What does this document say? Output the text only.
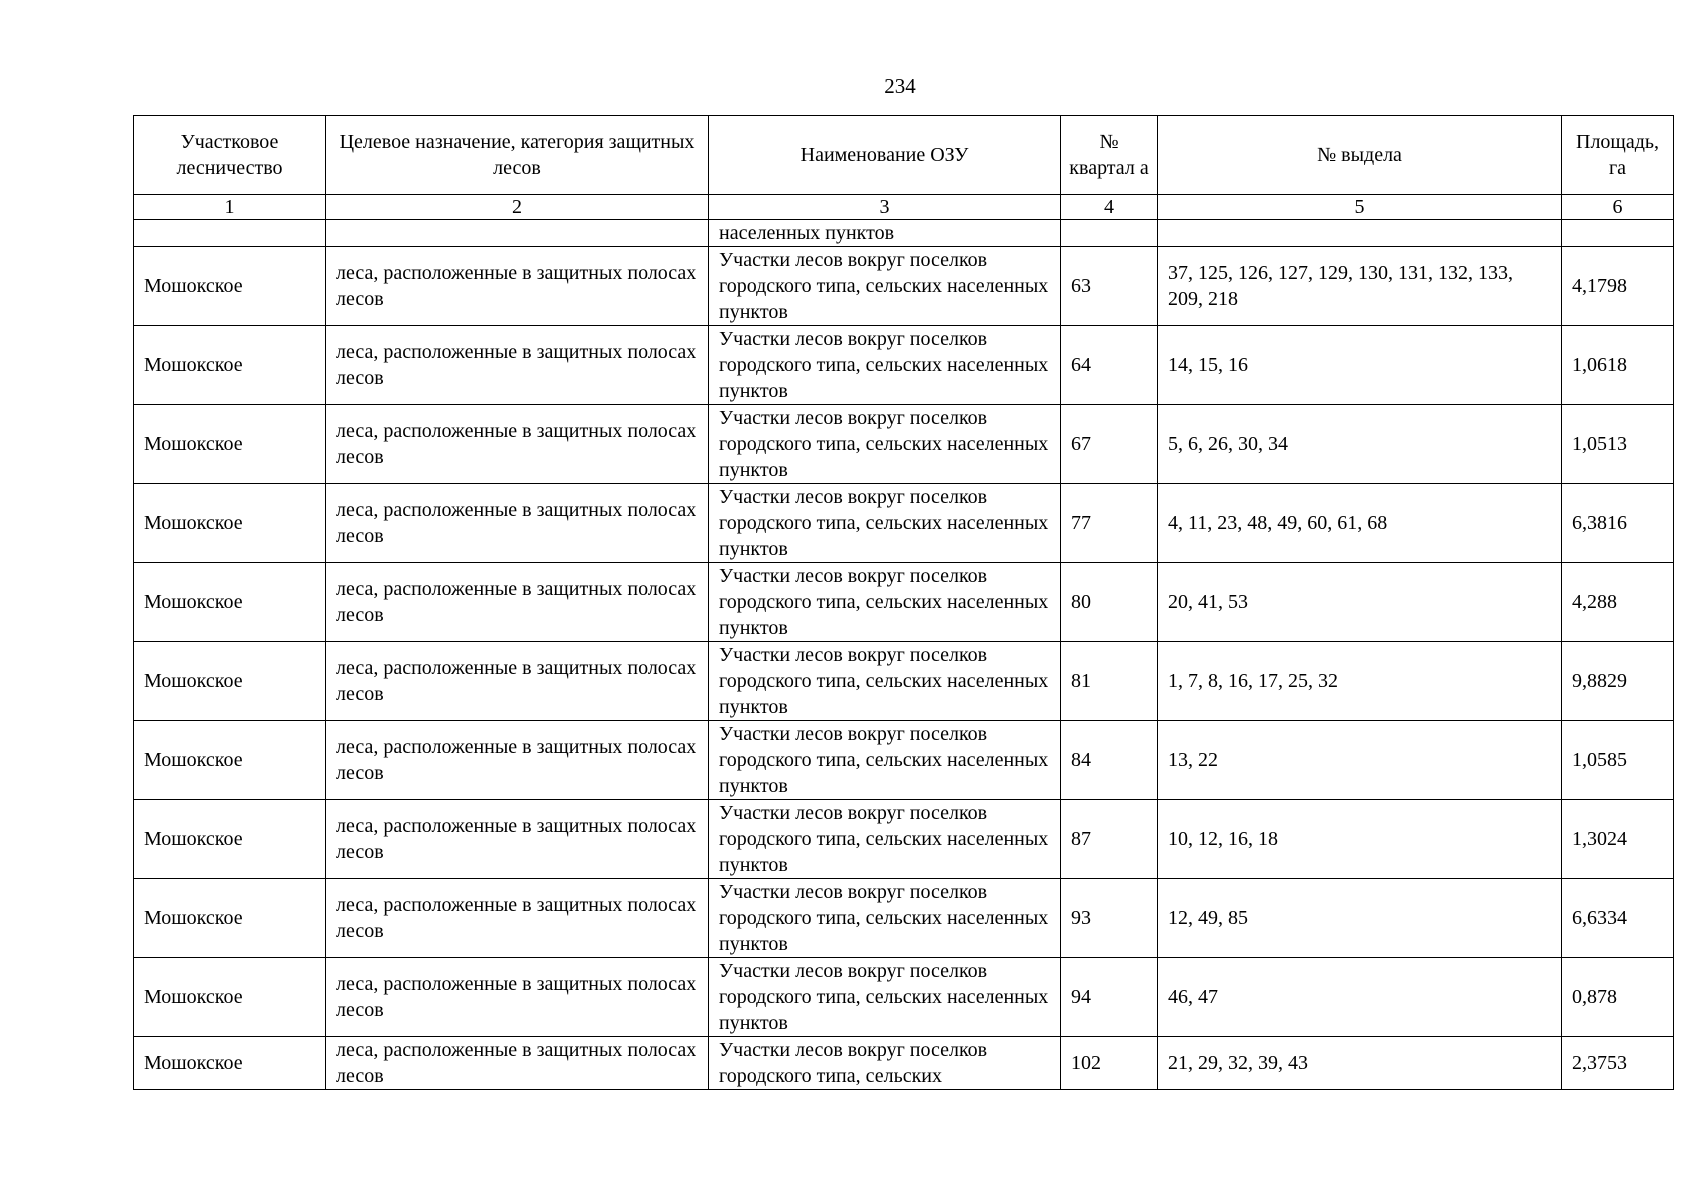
234
Участковое лесничество	Целевое назначение, категория защитных лесов	Наименование ОЗУ	№ квартал а	№ выдела	Площадь, га
1	2	3	4	5	6
		населенных пунктов			
Мошокское	леса, расположенные в защитных полосах лесов	Участки лесов вокруг поселков городского типа, сельских населенных пунктов	63	37, 125, 126, 127, 129, 130, 131, 132, 133, 209, 218	4,1798
Мошокское	леса, расположенные в защитных полосах лесов	Участки лесов вокруг поселков городского типа, сельских населенных пунктов	64	14, 15, 16	1,0618
Мошокское	леса, расположенные в защитных полосах лесов	Участки лесов вокруг поселков городского типа, сельских населенных пунктов	67	5, 6, 26, 30, 34	1,0513
Мошокское	леса, расположенные в защитных полосах лесов	Участки лесов вокруг поселков городского типа, сельских населенных пунктов	77	4, 11, 23, 48, 49, 60, 61, 68	6,3816
Мошокское	леса, расположенные в защитных полосах лесов	Участки лесов вокруг поселков городского типа, сельских населенных пунктов	80	20, 41, 53	4,288
Мошокское	леса, расположенные в защитных полосах лесов	Участки лесов вокруг поселков городского типа, сельских населенных пунктов	81	1, 7, 8, 16, 17, 25, 32	9,8829
Мошокское	леса, расположенные в защитных полосах лесов	Участки лесов вокруг поселков городского типа, сельских населенных пунктов	84	13, 22	1,0585
Мошокское	леса, расположенные в защитных полосах лесов	Участки лесов вокруг поселков городского типа, сельских населенных пунктов	87	10, 12, 16, 18	1,3024
Мошокское	леса, расположенные в защитных полосах лесов	Участки лесов вокруг поселков городского типа, сельских населенных пунктов	93	12, 49, 85	6,6334
Мошокское	леса, расположенные в защитных полосах лесов	Участки лесов вокруг поселков городского типа, сельских населенных пунктов	94	46, 47	0,878
Мошокское	леса, расположенные в защитных полосах лесов	Участки лесов вокруг поселков городского типа, сельских	102	21, 29, 32, 39, 43	2,3753
